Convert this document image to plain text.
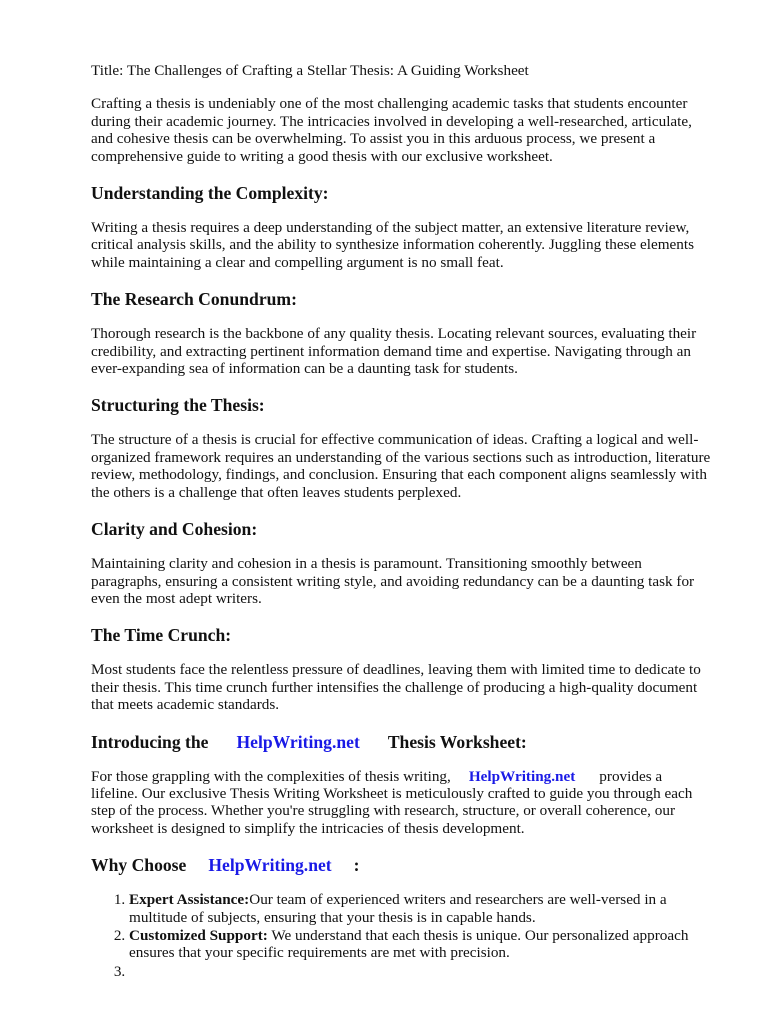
Title: The Challenges of Crafting a Stellar Thesis: A Guiding Worksheet

Crafting a thesis is undeniably one of the most challenging academic tasks that students encounter during their academic journey. The intricacies involved in developing a well-researched, articulate, and cohesive thesis can be overwhelming. To assist you in this arduous process, we present a comprehensive guide to writing a good thesis with our exclusive worksheet.

Understanding the Complexity:

Writing a thesis requires a deep understanding of the subject matter, an extensive literature review, critical analysis skills, and the ability to synthesize information coherently. Juggling these elements while maintaining a clear and compelling argument is no small feat.

The Research Conundrum:

Thorough research is the backbone of any quality thesis. Locating relevant sources, evaluating their credibility, and extracting pertinent information demand time and expertise. Navigating through an ever-expanding sea of information can be a daunting task for students.

Structuring the Thesis:

The structure of a thesis is crucial for effective communication of ideas. Crafting a logical and well-organized framework requires an understanding of the various sections such as introduction, literature review, methodology, findings, and conclusion. Ensuring that each component aligns seamlessly with the others is a challenge that often leaves students perplexed.

Clarity and Cohesion:

Maintaining clarity and cohesion in a thesis is paramount. Transitioning smoothly between paragraphs, ensuring a consistent writing style, and avoiding redundancy can be a daunting task for even the most adept writers.

The Time Crunch:

Most students face the relentless pressure of deadlines, leaving them with limited time to dedicate to their thesis. This time crunch further intensifies the challenge of producing a high-quality document that meets academic standards.

Introducing the HelpWriting.net Thesis Worksheet:

For those grappling with the complexities of thesis writing, HelpWriting.net provides a lifeline. Our exclusive Thesis Writing Worksheet is meticulously crafted to guide you through each step of the process. Whether you're struggling with research, structure, or overall coherence, our worksheet is designed to simplify the intricacies of thesis development.

Why Choose HelpWriting.net :
1. Expert Assistance:Our team of experienced writers and researchers are well-versed in a multitude of subjects, ensuring that your thesis is in capable hands.
2. Customized Support: We understand that each thesis is unique. Our personalized approach ensures that your specific requirements are met with precision.
3.
